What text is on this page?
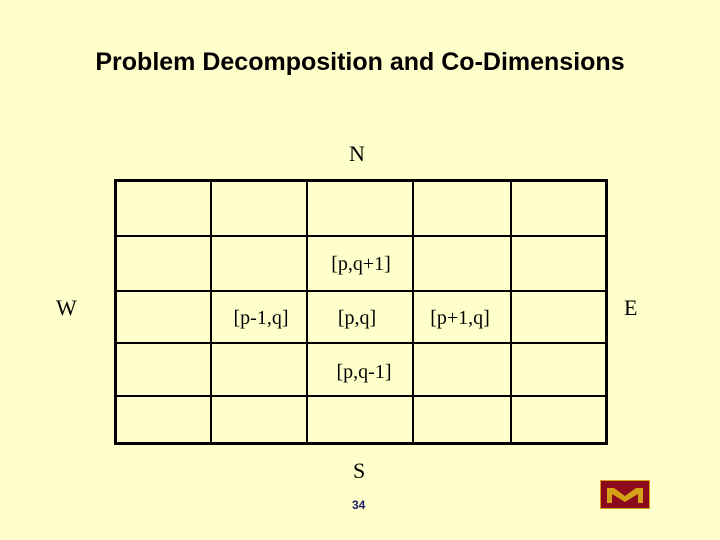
Problem Decomposition and Co-Dimensions
N
W	E
S
[p,q+1]
[p-1,q] [p,q]	[p+1,q]
[p,q-1]
34
